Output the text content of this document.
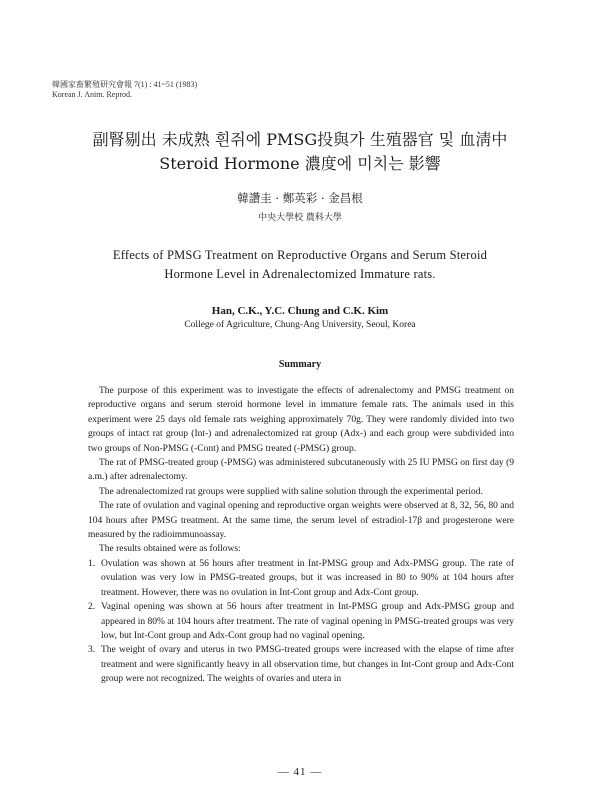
韓國家畜繁殖研究會報 7(1) : 41~51 (1983)
Korean J. Anim. Reprod.
副腎剔出 未成熟 흰쥐에 PMSG投與가 生殖器官 및 血淸中
Steroid Hormone 濃度에 미치는 影響
韓讚圭 · 鄭英彩 · 金昌根
中央大學校 農科大學
Effects of PMSG Treatment on Reproductive Organs and Serum Steroid
Hormone Level in Adrenalectomized Immature rats.
Han, C.K., Y.C. Chung and C.K. Kim
College of Agriculture, Chung-Ang University, Seoul, Korea
Summary

The purpose of this experiment was to investigate the effects of adrenalectomy and PMSG treatment on reproductive organs and serum steroid hormone level in immature female rats. The animals used in this experiment were 25 days old female rats weighing approximately 70g. They were randomly divided into two groups of intact rat group (Int-) and adrenalectomized rat group (Adx-) and each group were subdivided into two groups of Non-PMSG (-Cont) and PMSG treated (-PMSG) group.

The rat of PMSG-treated group (-PMSG) was administered subcutaneously with 25 IU PMSG on first day (9 a.m.) after adrenalectomy.

The adrenalectomized rat groups were supplied with saline solution through the experimental period.

The rate of ovulation and vaginal opening and reproductive organ weights were observed at 8, 32, 56, 80 and 104 hours after PMSG treatment. At the same time, the serum level of estradiol-17β and progesterone were measured by the radioimmunoassay.

The results obtained were as follows:

1. Ovulation was shown at 56 hours after treatment in Int-PMSG group and Adx-PMSG group. The rate of ovulation was very low in PMSG-treated groups, but it was increased in 80 to 90% at 104 hours after treatment. However, there was no ovulation in Int-Cont group and Adx-Cont group.
2. Vaginal opening was shown at 56 hours after treatment in Int-PMSG group and Adx-PMSG group and appeared in 80% at 104 hours after treatment. The rate of vaginal opening in PMSG-treated groups was very low, but Int-Cont group and Adx-Cont group had no vaginal opening.
3. The weight of ovary and uterus in two PMSG-treated groups were increased with the elapse of time after treatment and were significantly heavy in all observation time, but changes in Int-Cont group and Adx-Cont group were not recognized. The weights of ovaries and utera in
— 41 —
